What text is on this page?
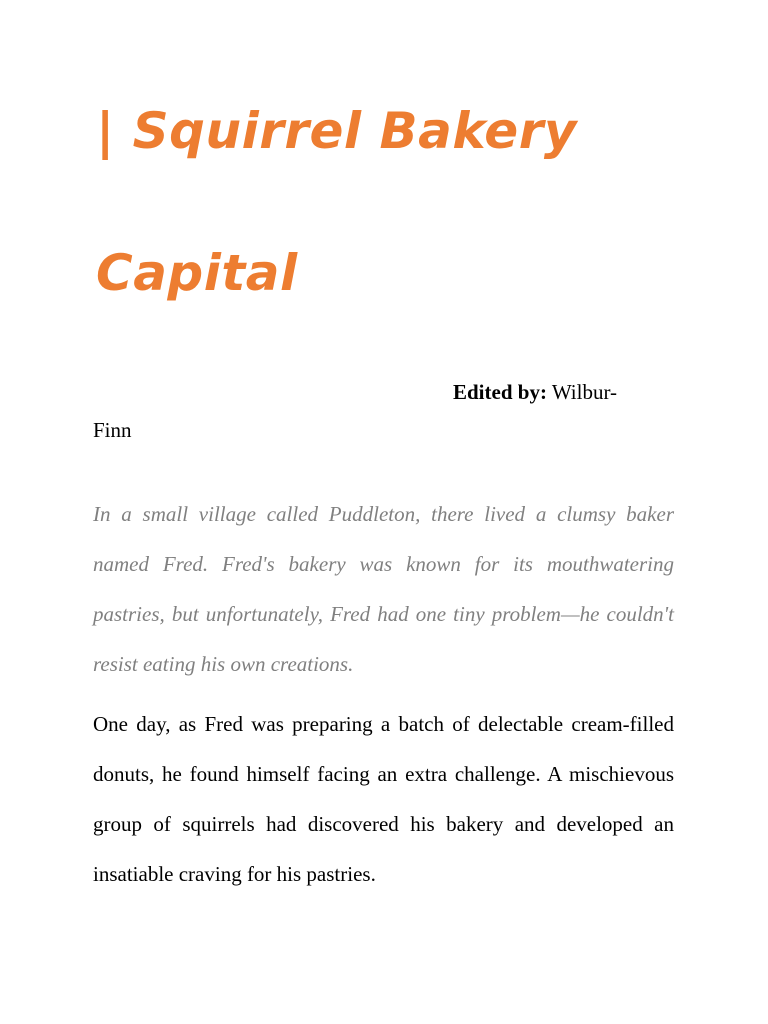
| Squirrel Bakery
Capital
Edited by: Wilbur-
Finn

In a small village called Puddleton, there lived a clumsy baker named Fred. Fred's bakery was known for its mouthwatering pastries, but unfortunately, Fred had one tiny problem—he couldn't resist eating his own creations.

One day, as Fred was preparing a batch of delectable cream-filled donuts, he found himself facing an extra challenge. A mischievous group of squirrels had discovered his bakery and developed an insatiable craving for his pastries.
